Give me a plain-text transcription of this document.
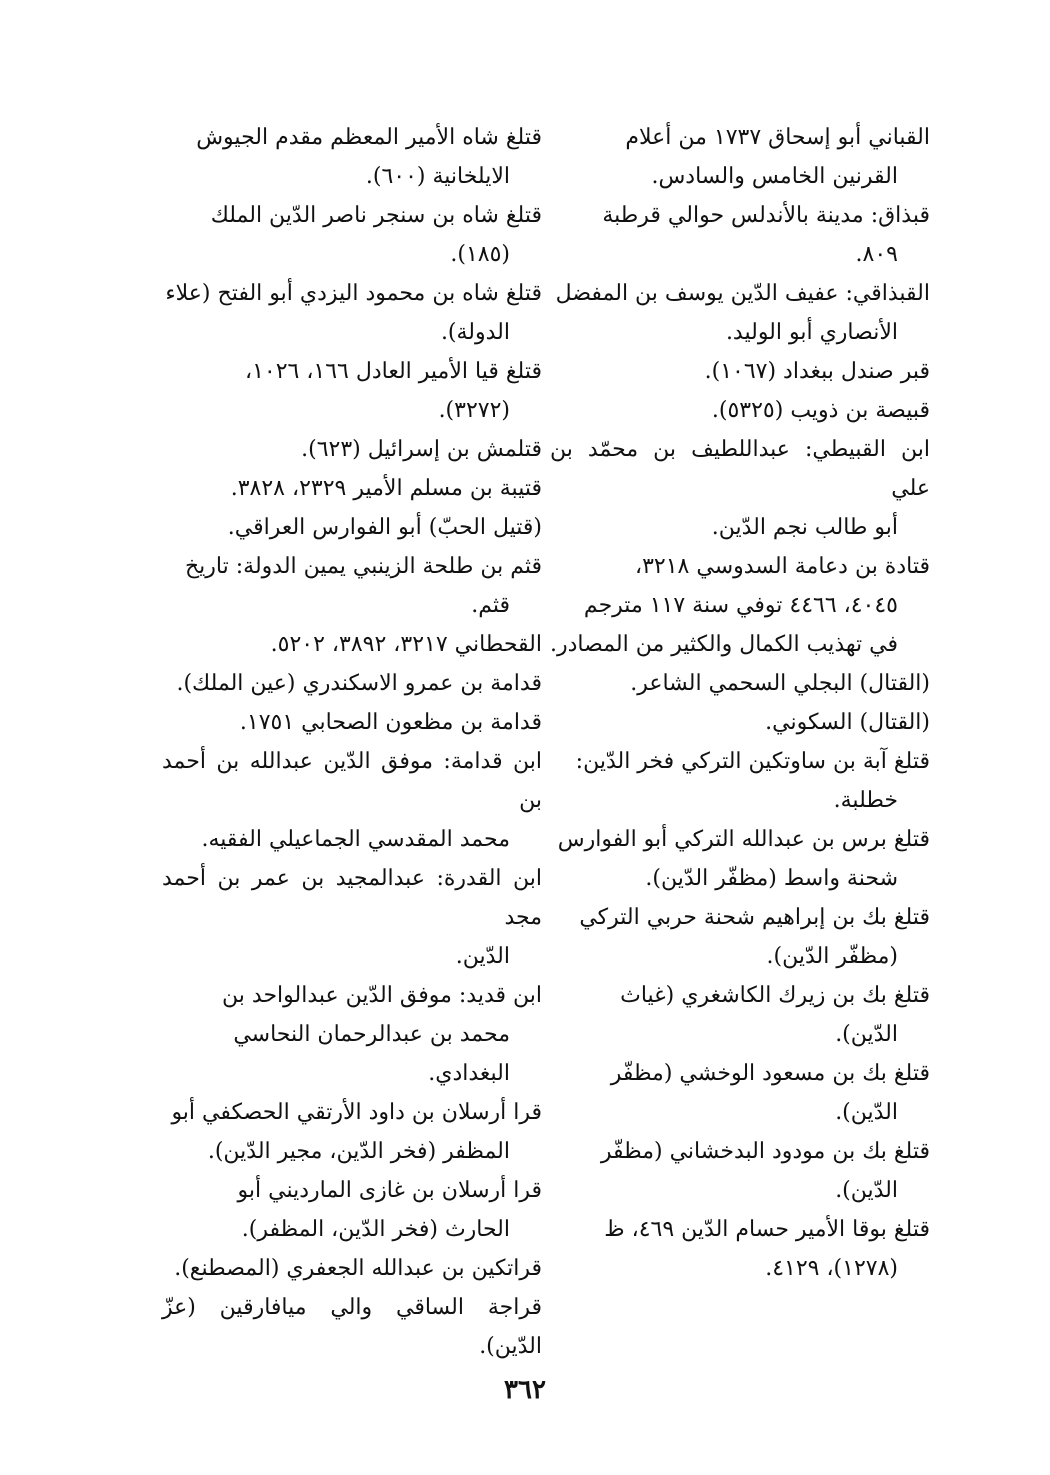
القباني أبو إسحاق ١٧٣٧ من أعلام
القرنين الخامس والسادس.
قبذاق: مدينة بالأندلس حوالي قرطبة
٨٠٩.
القبذاقي: عفيف الدّين يوسف بن المفضل
الأنصاري أبو الوليد.
قبر صندل ببغداد (١٠٦٧).
قبيصة بن ذويب (٥٣٢٥).
ابن القبيطي: عبداللطيف بن محمّد بن علي
أبو طالب نجم الدّين.
قتادة بن دعامة السدوسي ٣٢١٨،
٤٠٤٥، ٤٤٦٦ توفي سنة ١١٧ مترجم
في تهذيب الكمال والكثير من المصادر.
(القتال) البجلي السحمي الشاعر.
(القتال) السكوني.
قتلغ آبة بن ساوتكين التركي فخر الدّين:
خطلبة.
قتلغ برس بن عبدالله التركي أبو الفوارس
شحنة واسط (مظفّر الدّين).
قتلغ بك بن إبراهيم شحنة حربي التركي
(مظفّر الدّين).
قتلغ بك بن زيرك الكاشغري (غياث
الدّين).
قتلغ بك بن مسعود الوخشي (مظفّر
الدّين).
قتلغ بك بن مودود البدخشاني (مظفّر
الدّين).
قتلغ بوقا الأمير حسام الدّين ٤٦٩، ظ
(١٢٧٨)، ٤١٢٩.
قتلغ شاه الأمير المعظم مقدم الجيوش
الايلخانية (٦٠٠).
قتلغ شاه بن سنجر ناصر الدّين الملك
(١٨٥).
قتلغ شاه بن محمود اليزدي أبو الفتح (علاء
الدولة).
قتلغ قيا الأمير العادل ١٦٦، ١٠٢٦،
(٣٢٧٢).
قتلمش بن إسرائيل (٦٢٣).
قتيبة بن مسلم الأمير ٢٣٢٩، ٣٨٢٨.
(قتيل الحبّ) أبو الفوارس العراقي.
قثم بن طلحة الزينبي يمين الدولة: تاريخ
قثم.
القحطاني ٣٢١٧، ٣٨٩٢، ٥٢٠٢.
قدامة بن عمرو الاسكندري (عين الملك).
قدامة بن مظعون الصحابي ١٧٥١.
ابن قدامة: موفق الدّين عبدالله بن أحمد بن
محمد المقدسي الجماعيلي الفقيه.
ابن القدرة: عبدالمجيد بن عمر بن أحمد مجد
الدّين.
ابن قديد: موفق الدّين عبدالواحد بن
محمد بن عبدالرحمان النحاسي
البغدادي.
قرا أرسلان بن داود الأرتقي الحصكفي أبو
المظفر (فخر الدّين، مجير الدّين).
قرا أرسلان بن غازى المارديني أبو
الحارث (فخر الدّين، المظفر).
قراتكين بن عبدالله الجعفري (المصطنع).
قراجة الساقي والي ميافارقين (عزّ الدّين).
٣٦٢
